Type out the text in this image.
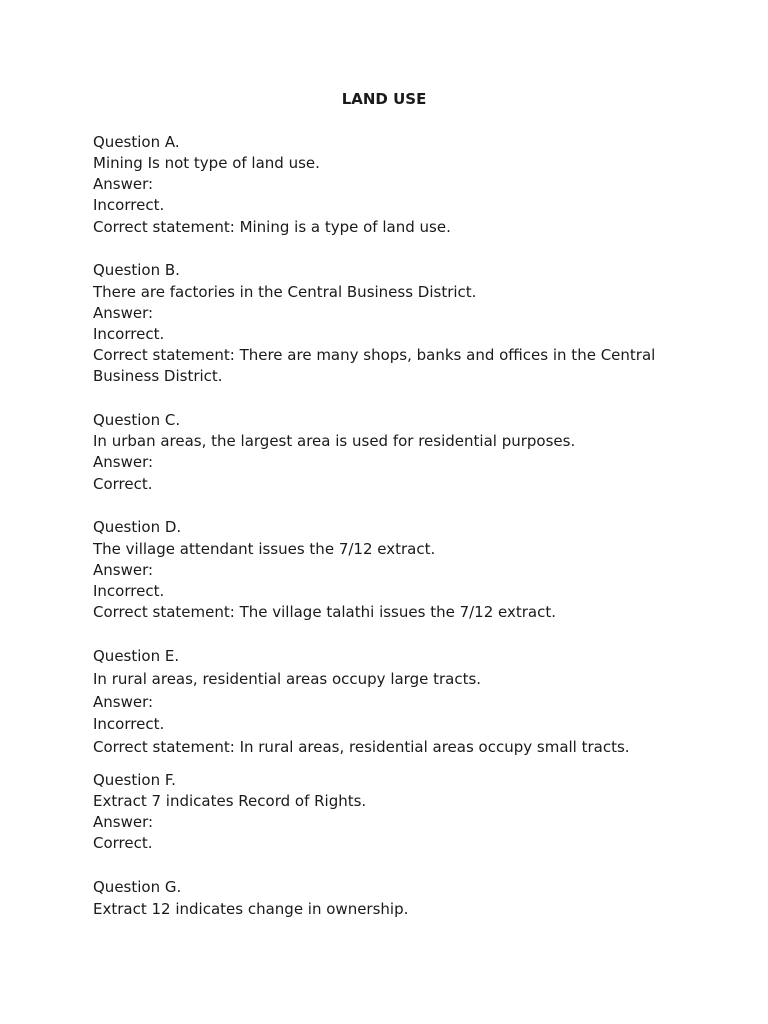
LAND USE
Question A.
Mining Is not type of land use.
Answer:
Incorrect.
Correct statement: Mining is a type of land use.
Question B.
There are factories in the Central Business District.
Answer:
Incorrect.
Correct statement: There are many shops, banks and offices in the Central
Business District.
Question C.
In urban areas, the largest area is used for residential purposes.
Answer:
Correct.
Question D.
The village attendant issues the 7/12 extract.
Answer:
Incorrect.
Correct statement: The village talathi issues the 7/12 extract.
Question E.
In rural areas, residential areas occupy large tracts.
Answer:
Incorrect.
Correct statement: In rural areas, residential areas occupy small tracts.
Question F.
Extract 7 indicates Record of Rights.
Answer:
Correct.
Question G.
Extract 12 indicates change in ownership.
